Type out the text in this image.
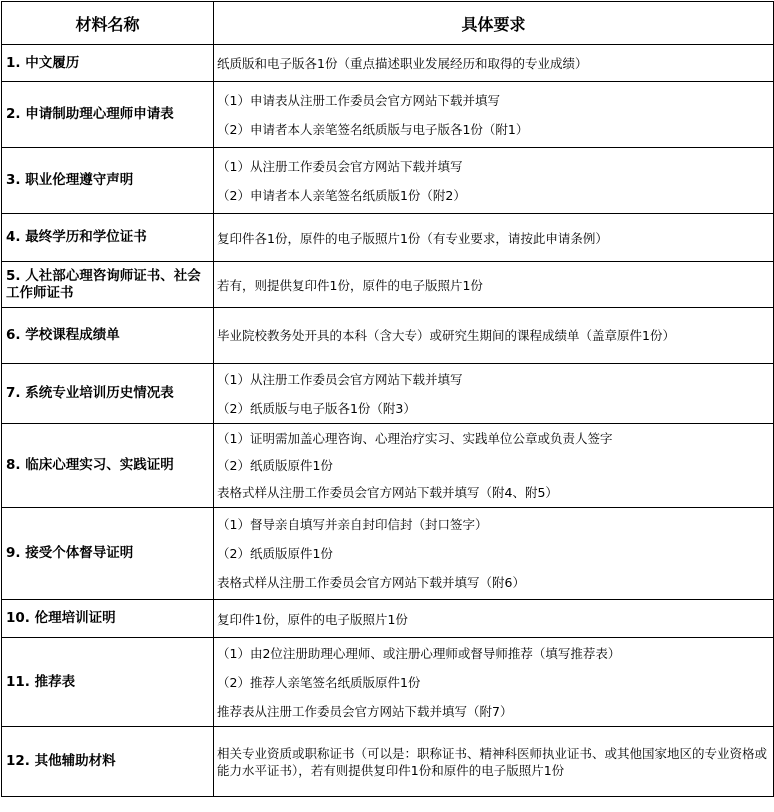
材料名称	具体要求
1. 中文履历	纸质版和电子版各1份（重点描述职业发展经历和取得的专业成绩）

2. 申请制助理心理师申请表	（1）申请表从注册工作委员会官方网站下载并填写
（2）申请者本人亲笔签名纸质版与电子版各1份（附1）

3. 职业伦理遵守声明	（1）从注册工作委员会官方网站下载并填写
（2）申请者本人亲笔签名纸质版1份（附2）

4. 最终学历和学位证书	复印件各1份，原件的电子版照片1份（有专业要求，请按此申请条例）

5. 人社部心理咨询师证书、社会工作师证书	若有，则提供复印件1份，原件的电子版照片1份

6. 学校课程成绩单	毕业院校教务处开具的本科（含大专）或研究生期间的课程成绩单（盖章原件1份）

7. 系统专业培训历史情况表	（1）从注册工作委员会官方网站下载并填写
（2）纸质版与电子版各1份（附3）

8. 临床心理实习、实践证明	（1）证明需加盖心理咨询、心理治疗实习、实践单位公章或负责人签字
（2）纸质版原件1份
表格式样从注册工作委员会官方网站下载并填写（附4、附5）

9. 接受个体督导证明	（1）督导亲自填写并亲自封印信封（封口签字）
（2）纸质版原件1份
表格式样从注册工作委员会官方网站下载并填写（附6）

10. 伦理培训证明	复印件1份，原件的电子版照片1份

11. 推荐表	（1）由2位注册助理心理师、或注册心理师或督导师推荐（填写推荐表）
（2）推荐人亲笔签名纸质版原件1份
推荐表从注册工作委员会官方网站下载并填写（附7）

12. 其他辅助材料	相关专业资质或职称证书（可以是：职称证书、精神科医师执业证书、或其他国家地区的专业资格或能力水平证书），若有则提供复印件1份和原件的电子版照片1份
